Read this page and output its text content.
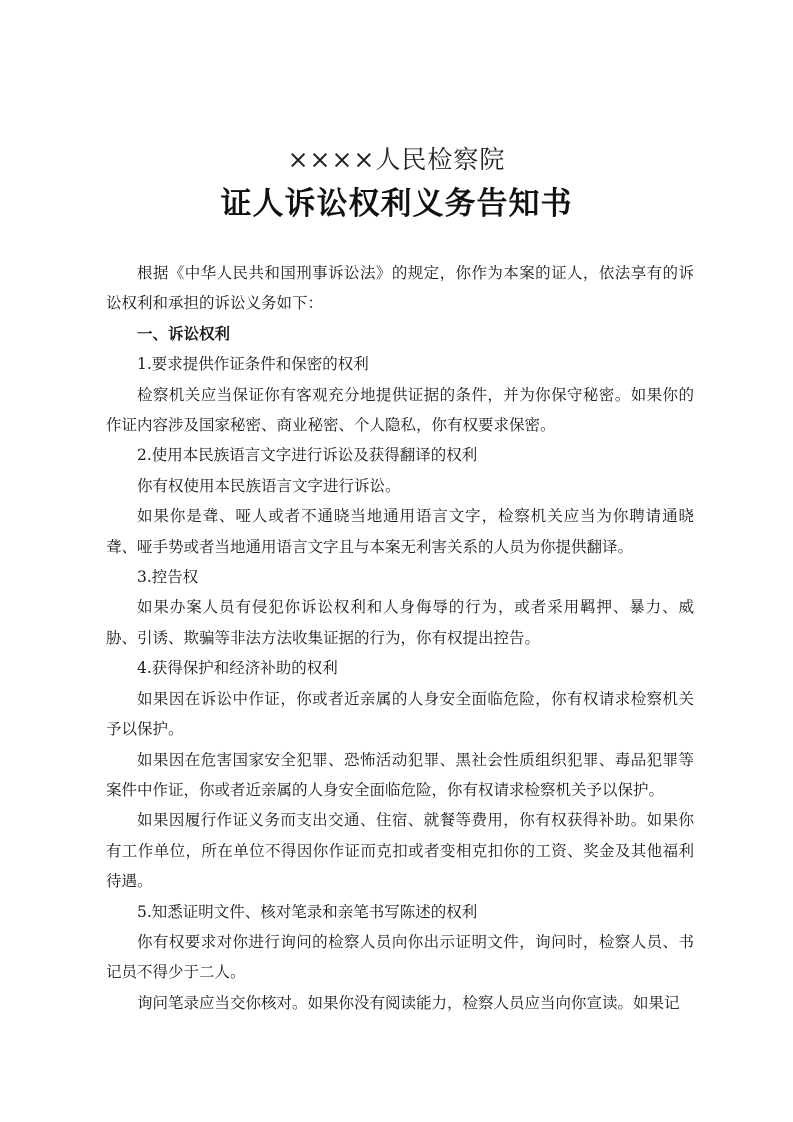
××××人民检察院
证人诉讼权利义务告知书

根据《中华人民共和国刑事诉讼法》的规定，你作为本案的证人，依法享有的诉讼权利和承担的诉讼义务如下：

一、诉讼权利

1.要求提供作证条件和保密的权利

检察机关应当保证你有客观充分地提供证据的条件，并为你保守秘密。如果你的作证内容涉及国家秘密、商业秘密、个人隐私，你有权要求保密。

2.使用本民族语言文字进行诉讼及获得翻译的权利

你有权使用本民族语言文字进行诉讼。

如果你是聋、哑人或者不通晓当地通用语言文字，检察机关应当为你聘请通晓聋、哑手势或者当地通用语言文字且与本案无利害关系的人员为你提供翻译。

3.控告权

如果办案人员有侵犯你诉讼权利和人身侮辱的行为，或者采用羁押、暴力、威胁、引诱、欺骗等非法方法收集证据的行为，你有权提出控告。

4.获得保护和经济补助的权利

如果因在诉讼中作证，你或者近亲属的人身安全面临危险，你有权请求检察机关予以保护。

如果因在危害国家安全犯罪、恐怖活动犯罪、黑社会性质组织犯罪、毒品犯罪等案件中作证，你或者近亲属的人身安全面临危险，你有权请求检察机关予以保护。

如果因履行作证义务而支出交通、住宿、就餐等费用，你有权获得补助。如果你有工作单位，所在单位不得因你作证而克扣或者变相克扣你的工资、奖金及其他福利待遇。

5.知悉证明文件、核对笔录和亲笔书写陈述的权利

你有权要求对你进行询问的检察人员向你出示证明文件，询问时，检察人员、书记员不得少于二人。

询问笔录应当交你核对。如果你没有阅读能力，检察人员应当向你宣读。如果记
